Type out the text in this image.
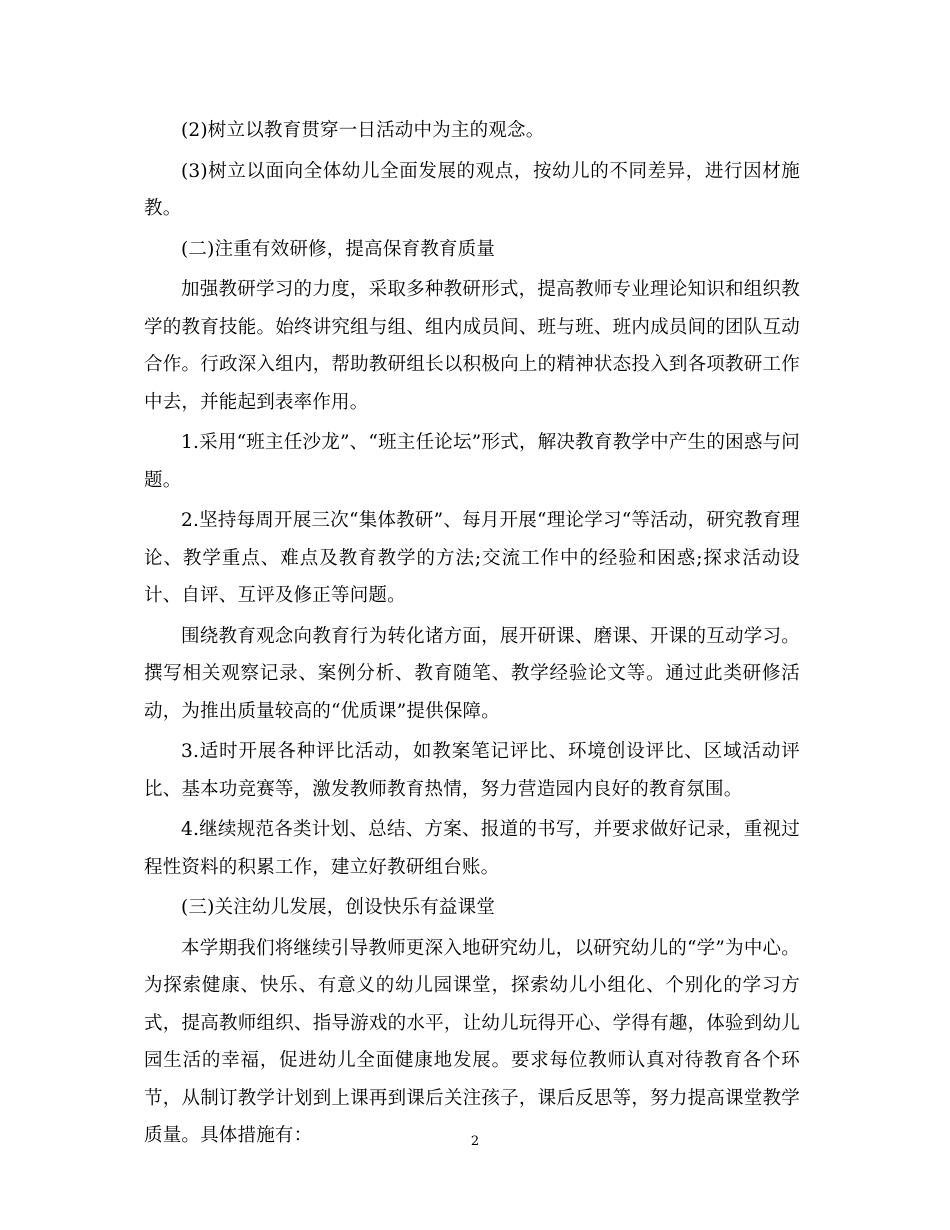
(2)树立以教育贯穿一日活动中为主的观念。

(3)树立以面向全体幼儿全面发展的观点，按幼儿的不同差异，进行因材施教。

(二)注重有效研修，提高保育教育质量

加强教研学习的力度，采取多种教研形式，提高教师专业理论知识和组织教学的教育技能。始终讲究组与组、组内成员间、班与班、班内成员间的团队互动合作。行政深入组内，帮助教研组长以积极向上的精神状态投入到各项教研工作中去，并能起到表率作用。

1.采用“班主任沙龙”、“班主任论坛”形式，解决教育教学中产生的困惑与问题。

2.坚持每周开展三次“集体教研”、每月开展“理论学习“等活动，研究教育理论、教学重点、难点及教育教学的方法;交流工作中的经验和困惑;探求活动设计、自评、互评及修正等问题。

围绕教育观念向教育行为转化诸方面，展开研课、磨课、开课的互动学习。撰写相关观察记录、案例分析、教育随笔、教学经验论文等。通过此类研修活动，为推出质量较高的“优质课”提供保障。

3.适时开展各种评比活动，如教案笔记评比、环境创设评比、区域活动评比、基本功竞赛等，激发教师教育热情，努力营造园内良好的教育氛围。

4.继续规范各类计划、总结、方案、报道的书写，并要求做好记录，重视过程性资料的积累工作，建立好教研组台账。

(三)关注幼儿发展，创设快乐有益课堂

本学期我们将继续引导教师更深入地研究幼儿，以研究幼儿的“学”为中心。为探索健康、快乐、有意义的幼儿园课堂，探索幼儿小组化、个别化的学习方式，提高教师组织、指导游戏的水平，让幼儿玩得开心、学得有趣，体验到幼儿园生活的幸福，促进幼儿全面健康地发展。要求每位教师认真对待教育各个环节，从制订教学计划到上课再到课后关注孩子，课后反思等，努力提高课堂教学质量。具体措施有：	2
